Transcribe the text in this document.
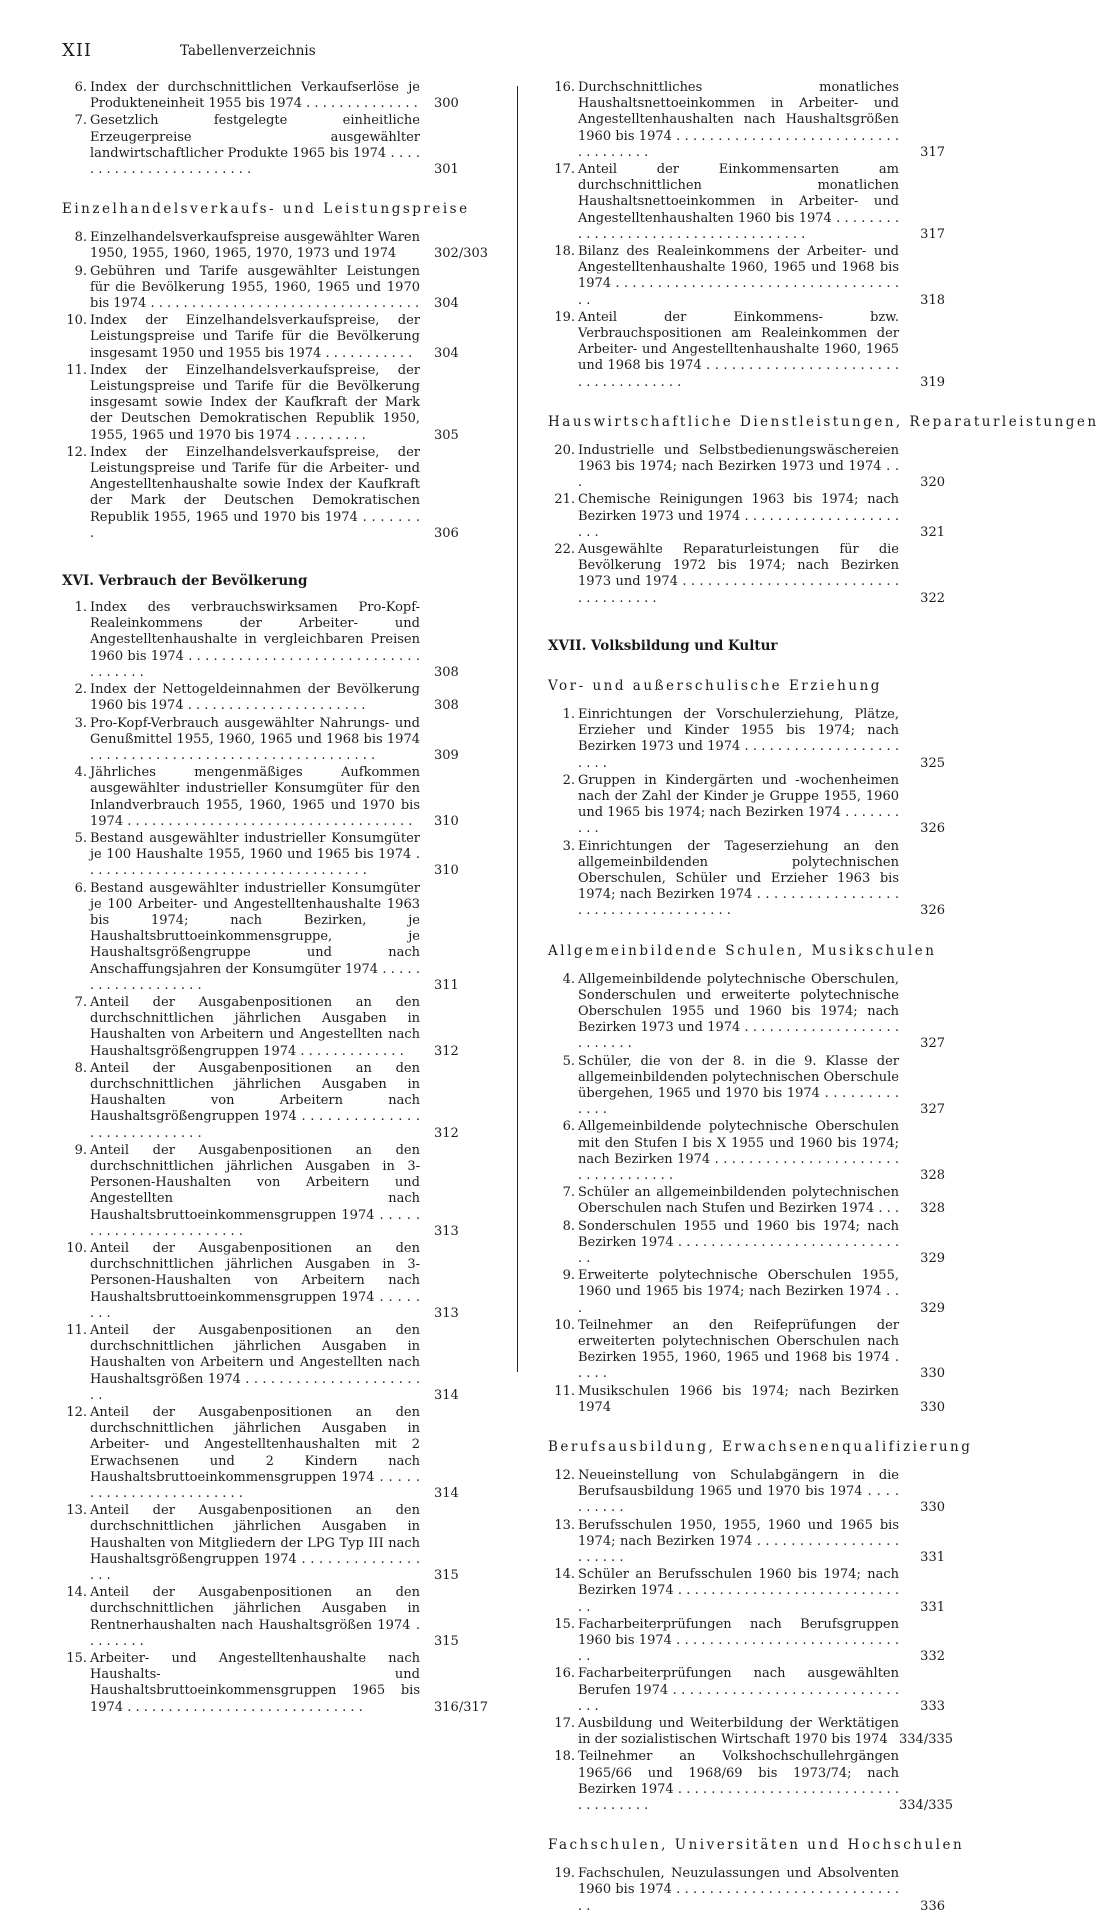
XII	Tabellenverzeichnis
6. Index der durchschnittlichen Verkaufserlöse je Produkteneinheit 1955 bis 1974 . . . . . . . . . . . . . .	300
7. Gesetzlich festgelegte einheitliche Erzeugerpreise ausgewählter landwirtschaftlicher Produkte 1965 bis 1974 . . . . . . . . . . . . . . . . . . . . . . . .	301
Einzelhandelsverkaufs- und Leistungspreise
8. Einzelhandelsverkaufspreise ausgewählter Waren 1950, 1955, 1960, 1965, 1970, 1973 und 1974	302/303
9. Gebühren und Tarife ausgewählter Leistungen für die Bevölkerung 1955, 1960, 1965 und 1970 bis 1974 . . . . . . . . . . . . . . . . . . . . . . . . . . . . . . . . .	304
10. Index der Einzelhandelsverkaufspreise, der Leistungspreise und Tarife für die Bevölkerung insgesamt 1950 und 1955 bis 1974 . . . . . . . . . . .	304
11. Index der Einzelhandelsverkaufspreise, der Leistungspreise und Tarife für die Bevölkerung insgesamt sowie Index der Kaufkraft der Mark der Deutschen Demokratischen Republik 1950, 1955, 1965 und 1970 bis 1974 . . . . . . . . .	305
12. Index der Einzelhandelsverkaufspreise, der Leistungspreise und Tarife für die Arbeiter- und Angestelltenhaushalte sowie Index der Kaufkraft der Mark der Deutschen Demokratischen Republik 1955, 1965 und 1970 bis 1974 . . . . . . . .	306
XVI. Verbrauch der Bevölkerung
1. Index des verbrauchswirksamen Pro-Kopf-Realeinkommens der Arbeiter- und Angestelltenhaushalte in vergleichbaren Preisen 1960 bis 1974 . . . . . . . . . . . . . . . . . . . . . . . . . . . . . . . . . . .	308
2. Index der Nettogeldeinnahmen der Bevölkerung 1960 bis 1974 . . . . . . . . . . . . . . . . . . . . . .	308
3. Pro-Kopf-Verbrauch ausgewählter Nahrungs- und Genußmittel 1955, 1960, 1965 und 1968 bis 1974 . . . . . . . . . . . . . . . . . . . . . . . . . . . . . . . . . . .	309
4. Jährliches mengenmäßiges Aufkommen ausgewählter industrieller Konsumgüter für den Inlandverbrauch 1955, 1960, 1965 und 1970 bis 1974 . . . . . . . . . . . . . . . . . . . . . . . . . . . . . . . . . . .	310
5. Bestand ausgewählter industrieller Konsumgüter je 100 Haushalte 1955, 1960 und 1965 bis 1974 . . . . . . . . . . . . . . . . . . . . . . . . . . . . . . . . . . .	310
6. Bestand ausgewählter industrieller Konsumgüter je 100 Arbeiter- und Angestelltenhaushalte 1963 bis 1974; nach Bezirken, je Haushaltsbruttoeinkommensgruppe, je Haushaltsgrößengruppe und nach Anschaffungsjahren der Konsumgüter 1974 . . . . . . . . . . . . . . . . . . .	311
7. Anteil der Ausgabenpositionen an den durchschnittlichen jährlichen Ausgaben in Haushalten von Arbeitern und Angestellten nach Haushaltsgrößengruppen 1974 . . . . . . . . . . . . .	312
8. Anteil der Ausgabenpositionen an den durchschnittlichen jährlichen Ausgaben in Haushalten von Arbeitern nach Haushaltsgrößengruppen 1974 . . . . . . . . . . . . . . . . . . . . . . . . . . . .	312
9. Anteil der Ausgabenpositionen an den durchschnittlichen jährlichen Ausgaben in 3-Personen-Haushalten von Arbeitern und Angestellten nach Haushaltsbruttoeinkommensgruppen 1974 . . . . . . . . . . . . . . . . . . . . . . . .	313
10. Anteil der Ausgabenpositionen an den durchschnittlichen jährlichen Ausgaben in 3-Personen-Haushalten von Arbeitern nach Haushaltsbruttoeinkommensgruppen 1974 . . . . . . . .	313
11. Anteil der Ausgabenpositionen an den durchschnittlichen jährlichen Ausgaben in Haushalten von Arbeitern und Angestellten nach Haushaltsgrößen 1974 . . . . . . . . . . . . . . . . . . . . . . .	314
12. Anteil der Ausgabenpositionen an den durchschnittlichen jährlichen Ausgaben in Arbeiter- und Angestelltenhaushalten mit 2 Erwachsenen und 2 Kindern nach Haushaltsbruttoeinkommensgruppen 1974 . . . . . . . . . . . . . . . . . . . . . . . .	314
13. Anteil der Ausgabenpositionen an den durchschnittlichen jährlichen Ausgaben in Haushalten von Mitgliedern der LPG Typ III nach Haushaltsgrößengruppen 1974 . . . . . . . . . . . . . . . . .	315
14. Anteil der Ausgabenpositionen an den durchschnittlichen jährlichen Ausgaben in Rentnerhaushalten nach Haushaltsgrößen 1974 . . . . . . . .	315
15. Arbeiter- und Angestelltenhaushalte nach Haushalts- und Haushaltsbruttoeinkommensgruppen 1965 bis 1974 . . . . . . . . . . . . . . . . . . . . . . . . . . . . .	316/317
16. Durchschnittliches monatliches Haushaltsnettoeinkommen in Arbeiter- und Angestelltenhaushalten nach Haushaltsgrößen 1960 bis 1974 . . . . . . . . . . . . . . . . . . . . . . . . . . . . . . . . . . . .	317
17. Anteil der Einkommensarten am durchschnittlichen monatlichen Haushaltsnettoeinkommen in Arbeiter- und Angestelltenhaushalten 1960 bis 1974 . . . . . . . . . . . . . . . . . . . . . . . . . . . . . . . . . . . .	317
18. Bilanz des Realeinkommens der Arbeiter- und Angestelltenhaushalte 1960, 1965 und 1968 bis 1974 . . . . . . . . . . . . . . . . . . . . . . . . . . . . . . . . . . . .	318
19. Anteil der Einkommens- bzw. Verbrauchspositionen am Realeinkommen der Arbeiter- und Angestelltenhaushalte 1960, 1965 und 1968 bis 1974 . . . . . . . . . . . . . . . . . . . . . . . . . . . . . . . . . . . .	319
Hauswirtschaftliche Dienstleistungen, Reparaturleistungen
20. Industrielle und Selbstbedienungswäschereien 1963 bis 1974; nach Bezirken 1973 und 1974 . . .	320
21. Chemische Reinigungen 1963 bis 1974; nach Bezirken 1973 und 1974 . . . . . . . . . . . . . . . . . . . . . .	321
22. Ausgewählte Reparaturleistungen für die Bevölkerung 1972 bis 1974; nach Bezirken 1973 und 1974 . . . . . . . . . . . . . . . . . . . . . . . . . . . . . . . . . . . .	322
XVII. Volksbildung und Kultur
Vor- und außerschulische Erziehung
1. Einrichtungen der Vorschulerziehung, Plätze, Erzieher und Kinder 1955 bis 1974; nach Bezirken 1973 und 1974 . . . . . . . . . . . . . . . . . . . . . . .	325
2. Gruppen in Kindergärten und -wochenheimen nach der Zahl der Kinder je Gruppe 1955, 1960 und 1965 bis 1974; nach Bezirken 1974 . . . . . . . . . .	326
3. Einrichtungen der Tageserziehung an den allgemeinbildenden polytechnischen Oberschulen, Schüler und Erzieher 1963 bis 1974; nach Bezirken 1974 . . . . . . . . . . . . . . . . . . . . . . . . . . . . . . . . . . . .	326
Allgemeinbildende Schulen, Musikschulen
4. Allgemeinbildende polytechnische Oberschulen, Sonderschulen und erweiterte polytechnische Oberschulen 1955 und 1960 bis 1974; nach Bezirken 1973 und 1974 . . . . . . . . . . . . . . . . . . . . . . . . . .	327
5. Schüler, die von der 8. in die 9. Klasse der allgemeinbildenden polytechnischen Oberschule übergehen, 1965 und 1970 bis 1974 . . . . . . . . . . . . .	327
6. Allgemeinbildende polytechnische Oberschulen mit den Stufen I bis X 1955 und 1960 bis 1974; nach Bezirken 1974 . . . . . . . . . . . . . . . . . . . . . . . . . . . . . . . . . .	328
7. Schüler an allgemeinbildenden polytechnischen Oberschulen nach Stufen und Bezirken 1974 . . .	328
8. Sonderschulen 1955 und 1960 bis 1974; nach Bezirken 1974 . . . . . . . . . . . . . . . . . . . . . . . . . . . . .	329
9. Erweiterte polytechnische Oberschulen 1955, 1960 und 1965 bis 1974; nach Bezirken 1974 . . .	329
10. Teilnehmer an den Reifeprüfungen der erweiterten polytechnischen Oberschulen nach Bezirken 1955, 1960, 1965 und 1968 bis 1974 . . . . .	330
11. Musikschulen 1966 bis 1974; nach Bezirken 1974	330
Berufsausbildung, Erwachsenenqualifizierung
12. Neueinstellung von Schulabgängern in die Berufsausbildung 1965 und 1970 bis 1974 . . . . . . . . . .	330
13. Berufsschulen 1950, 1955, 1960 und 1965 bis 1974; nach Bezirken 1974 . . . . . . . . . . . . . . . . . . . . . . .	331
14. Schüler an Berufsschulen 1960 bis 1974; nach Bezirken 1974 . . . . . . . . . . . . . . . . . . . . . . . . . . . . .	331
15. Facharbeiterprüfungen nach Berufsgruppen 1960 bis 1974 . . . . . . . . . . . . . . . . . . . . . . . . . . . . .	332
16. Facharbeiterprüfungen nach ausgewählten Berufen 1974 . . . . . . . . . . . . . . . . . . . . . . . . . . . . . .	333
17. Ausbildung und Weiterbildung der Werktätigen in der sozialistischen Wirtschaft 1970 bis 1974 334/335
18. Teilnehmer an Volkshochschullehrgängen 1965/66 und 1968/69 bis 1973/74; nach Bezirken 1974 . . . . . . . . . . . . . . . . . . . . . . . . . . . . . . . . . . . .	334/335
Fachschulen, Universitäten und Hochschulen
19. Fachschulen, Neuzulassungen und Absolventen 1960 bis 1974 . . . . . . . . . . . . . . . . . . . . . . . . . . . . .	336
